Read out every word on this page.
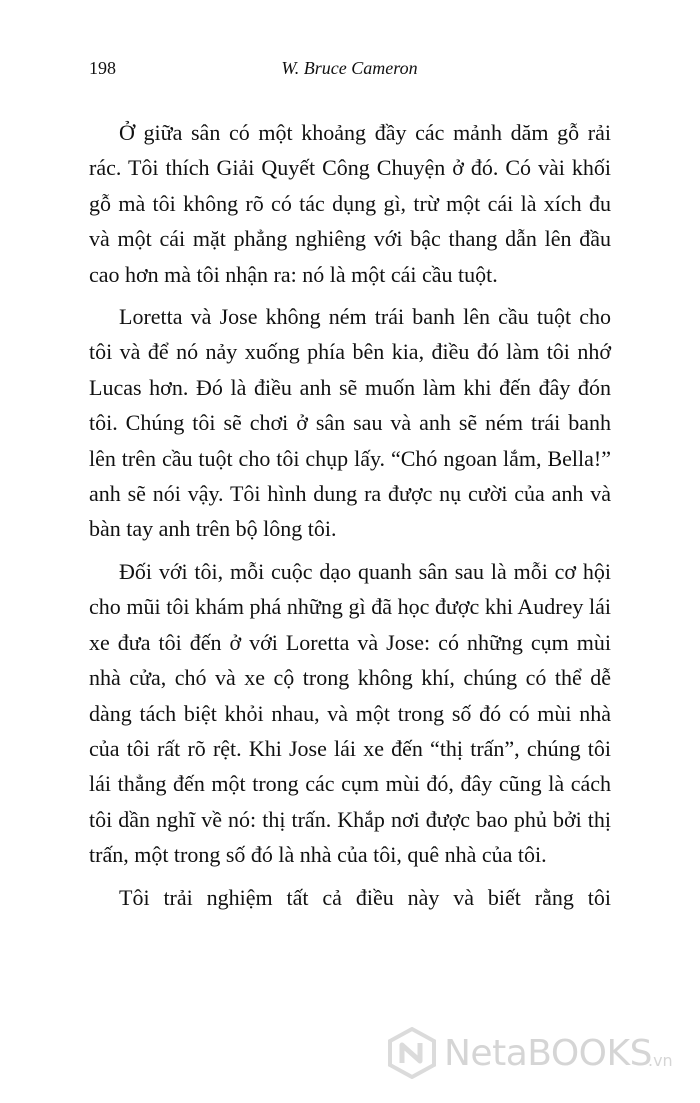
198	W. Bruce Cameron

Ở giữa sân có một khoảng đầy các mảnh dăm gỗ rải rác. Tôi thích Giải Quyết Công Chuyện ở đó. Có vài khối gỗ mà tôi không rõ có tác dụng gì, trừ một cái là xích đu và một cái mặt phẳng nghiêng với bậc thang dẫn lên đầu cao hơn mà tôi nhận ra: nó là một cái cầu tuột.

Loretta và Jose không ném trái banh lên cầu tuột cho tôi và để nó nảy xuống phía bên kia, điều đó làm tôi nhớ Lucas hơn. Đó là điều anh sẽ muốn làm khi đến đây đón tôi. Chúng tôi sẽ chơi ở sân sau và anh sẽ ném trái banh lên trên cầu tuột cho tôi chụp lấy. “Chó ngoan lắm, Bella!” anh sẽ nói vậy. Tôi hình dung ra được nụ cười của anh và bàn tay anh trên bộ lông tôi.

Đối với tôi, mỗi cuộc dạo quanh sân sau là mỗi cơ hội cho mũi tôi khám phá những gì đã học được khi Audrey lái xe đưa tôi đến ở với Loretta và Jose: có những cụm mùi nhà cửa, chó và xe cộ trong không khí, chúng có thể dễ dàng tách biệt khỏi nhau, và một trong số đó có mùi nhà của tôi rất rõ rệt. Khi Jose lái xe đến “thị trấn”, chúng tôi lái thẳng đến một trong các cụm mùi đó, đây cũng là cách tôi dần nghĩ về nó: thị trấn. Khắp nơi được bao phủ bởi thị trấn, một trong số đó là nhà của tôi, quê nhà của tôi.

Tôi trải nghiệm tất cả điều này và biết rằng tôi

NetaBOOKS
.vn
